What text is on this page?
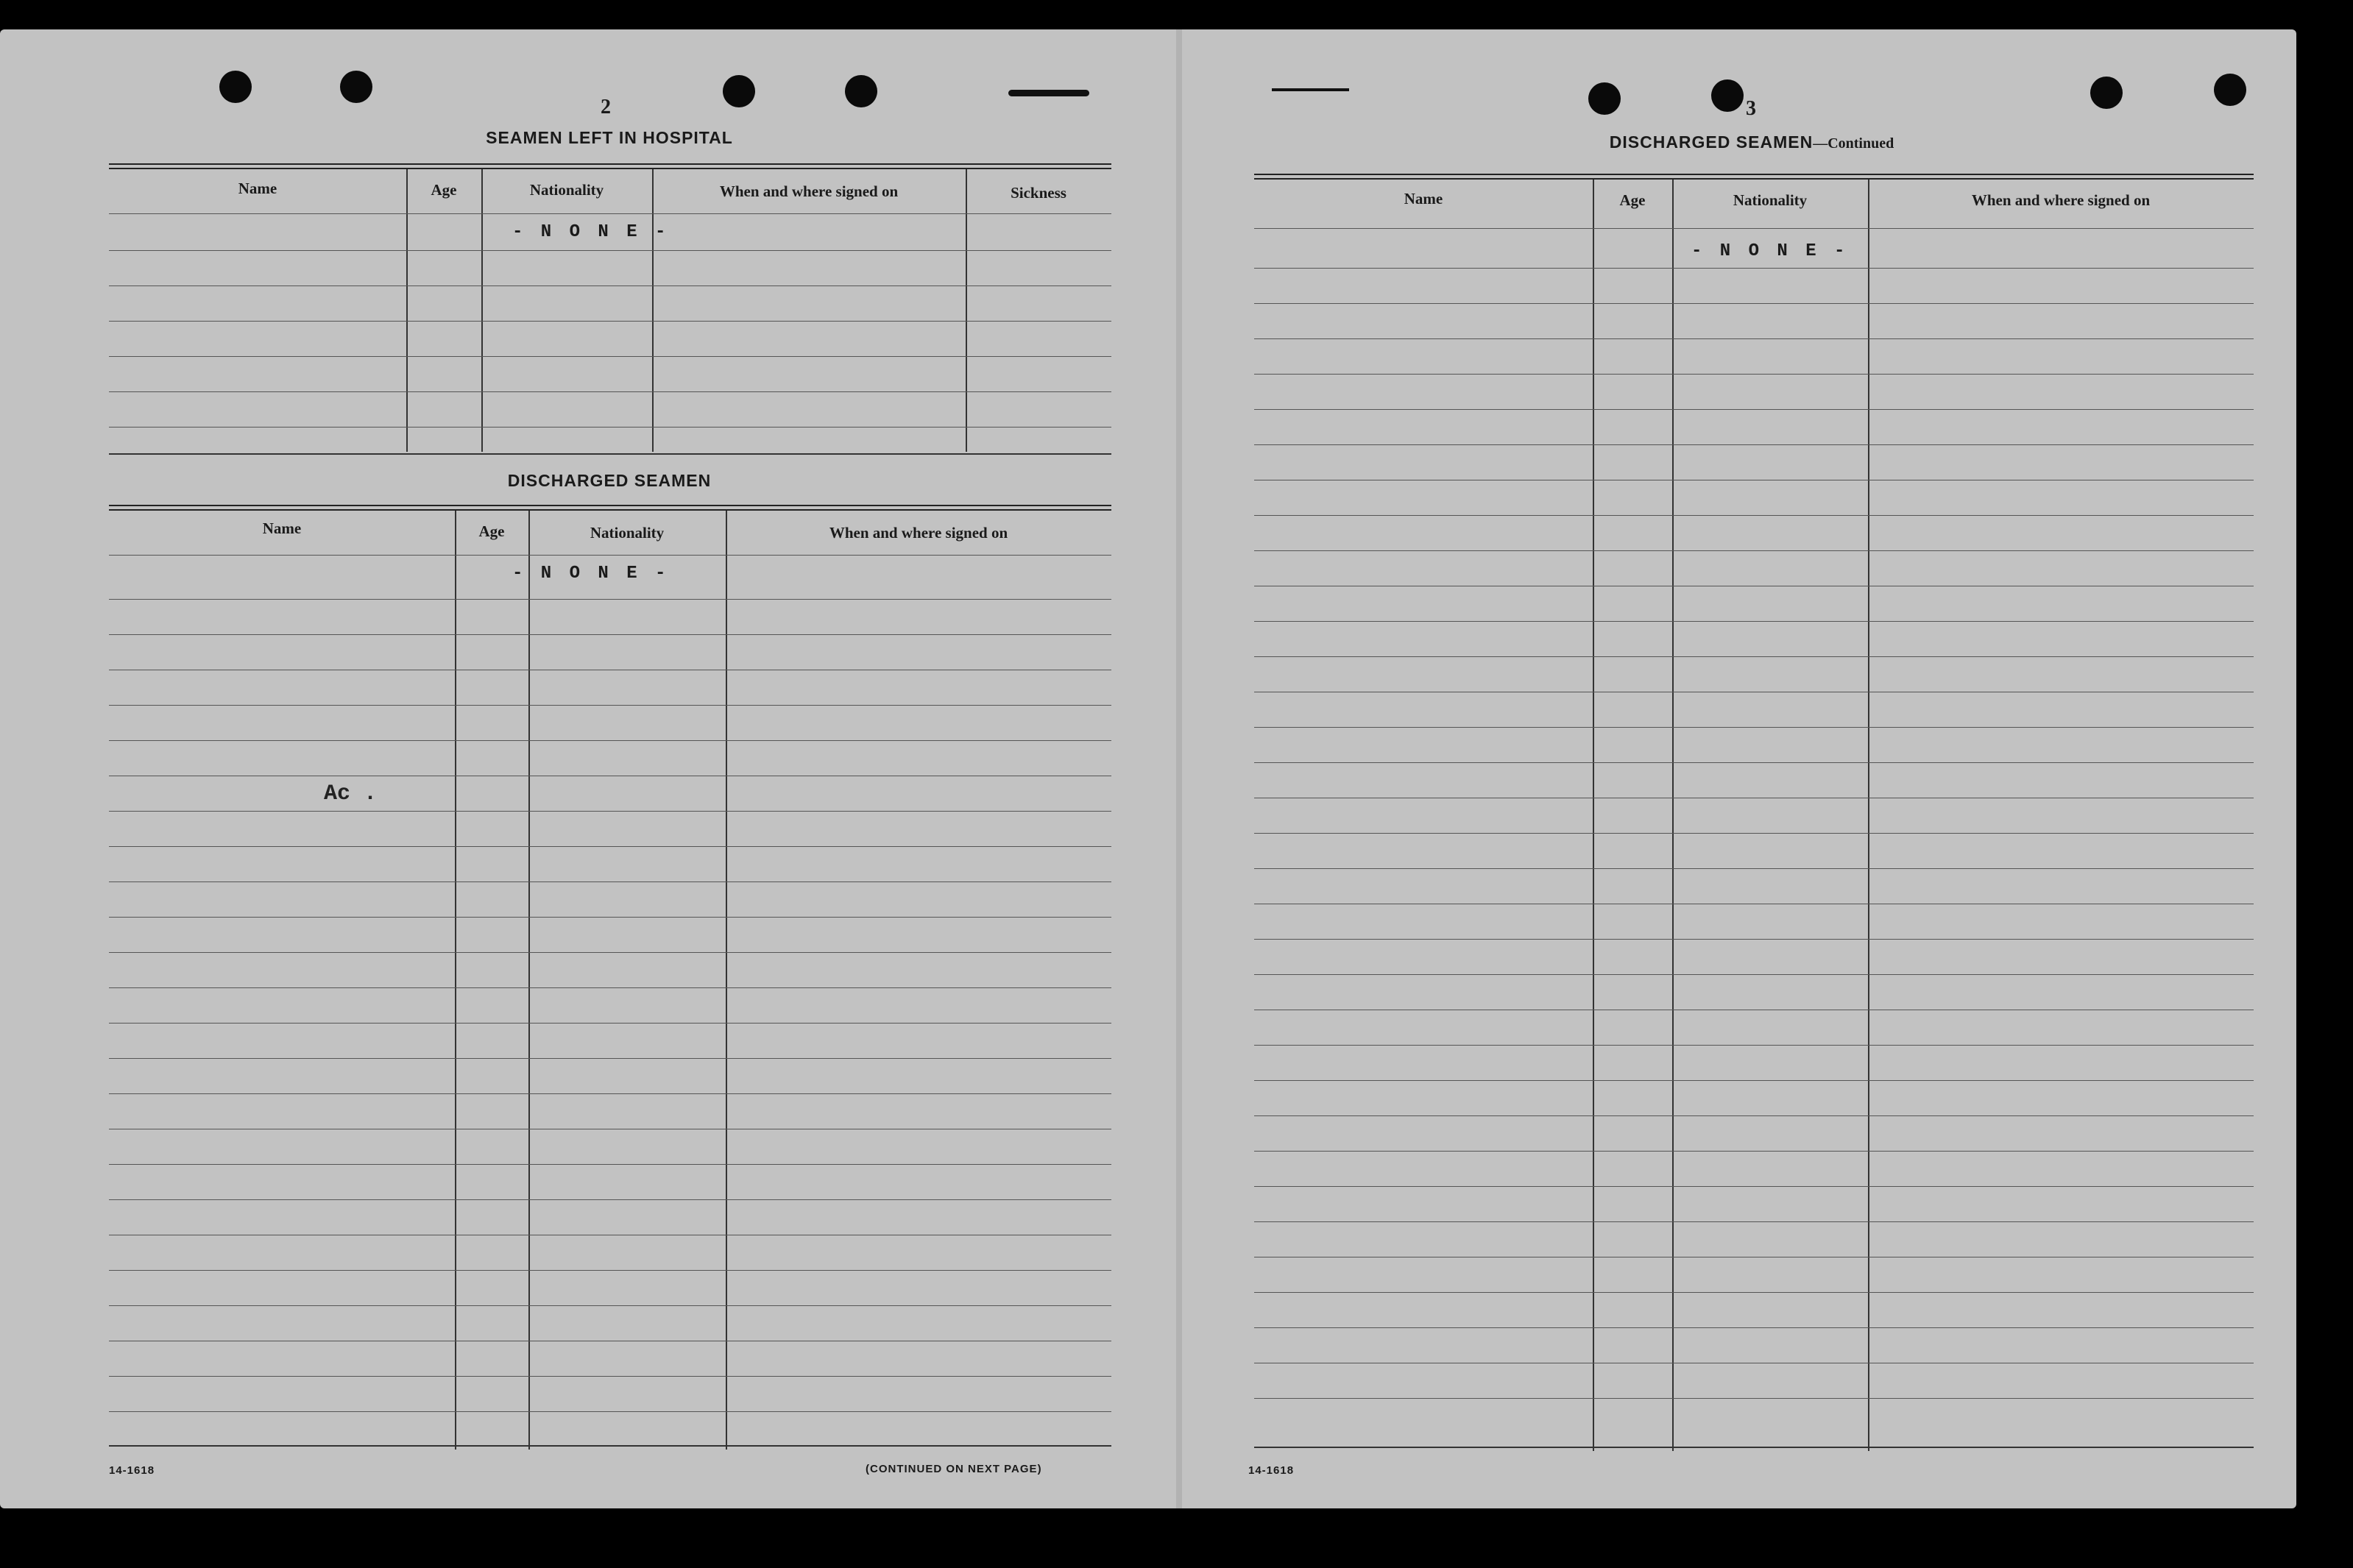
2
SEAMEN LEFT IN HOSPITAL
Name	Age	Nationality	When and where signed on	Sickness
- N O N E -
DISCHARGED SEAMEN
Name	Age	Nationality	When and where signed on
- N O N E -
Ac .
14-1618	(CONTINUED ON NEXT PAGE)
3
DISCHARGED SEAMEN—Continued
Name	Age	Nationality	When and where signed on
- N O N E -
14-1618
